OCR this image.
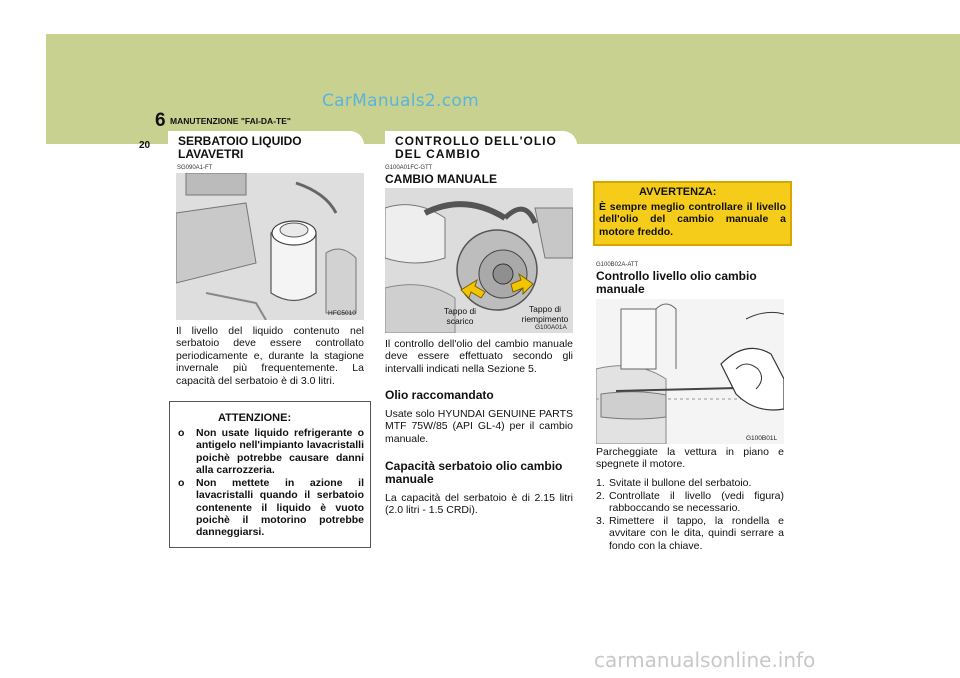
CarManuals2.com
6 MANUTENZIONE "FAI-DA-TE"
20 SERBATOIO LIQUIDO LAVAVETRI
SG090A1-FT
HFC5010
Il livello del liquido contenuto nel serbatoio deve essere controllato periodicamente e, durante la stagione invernale più frequentemente. La capacità del serbatoio è di 3.0 litri.
ATTENZIONE:
o Non usate liquido refrigerante o antigelo nell'impianto lavacristalli poichè potrebbe causare danni alla carrozzeria.
o Non mettete in azione il lavacristalli quando il serbatoio contenente il liquido è vuoto poichè il motorino potrebbe danneggiarsi.
CONTROLLO DELL'OLIO DEL CAMBIO
G100A01FC-GTT
CAMBIO MANUALE
Tappo di scarico
Tappo di riempimento
G100A01A
Il controllo dell'olio del cambio manuale deve essere effettuato secondo gli intervalli indicati nella Sezione 5.
Olio raccomandato
Usate solo HYUNDAI GENUINE PARTS MTF 75W/85 (API GL-4) per il cambio manuale.
Capacità serbatoio olio cambio manuale
La capacità del serbatoio è di 2.15 litri (2.0 litri - 1.5 CRDi).
AVVERTENZA:
È sempre meglio controllare il livello dell'olio del cambio manuale a motore freddo.
G100B02A-ATT
Controllo livello olio cambio manuale
G100B01L
Parcheggiate la vettura in piano e spegnete il motore.
1. Svitate il bullone del serbatoio.
2. Controllate il livello (vedi figura) rabboccando se necessario.
3. Rimettere il tappo, la rondella e avvitare con le dita, quindi serrare a fondo con la chiave.
carmanualsonline.info
